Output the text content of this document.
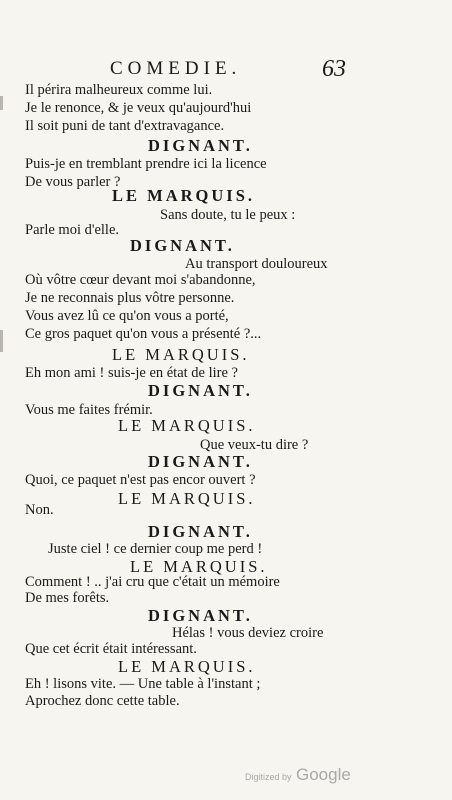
COMEDIE.	63
Il périra malheureux comme lui.
Je le renonce, & je veux qu'aujourd'hui
Il soit puni de tant d'extravagance.
DIGNANT.
Puis-je en tremblant prendre ici la licence
De vous parler ?
LE MARQUIS.
Sans doute, tu le peux :
Parle moi d'elle.
DIGNANT.
Au transport douloureux
Où vôtre cœur devant moi s'abandonne,
Je ne reconnais plus vôtre personne.
Vous avez lû ce qu'on vous a porté,
Ce gros paquet qu'on vous a présenté ?...
LE MARQUIS.
Eh mon ami ! suis-je en état de lire ?
DIGNANT.
Vous me faites frémir.
LE MARQUIS.
Que veux-tu dire ?
DIGNANT.
Quoi, ce paquet n'est pas encor ouvert ?
LE MARQUIS.
Non.
DIGNANT.
Juste ciel ! ce dernier coup me perd !
LE MARQUIS.
Comment ! .. j'ai cru que c'était un mémoire
De mes forêts.
DIGNANT.
Hélas ! vous deviez croire
Que cet écrit était intéressant.
LE MARQUIS.
Eh ! lisons vite. — Une table à l'instant ;
Aprochez donc cette table.
Digitized by Google
